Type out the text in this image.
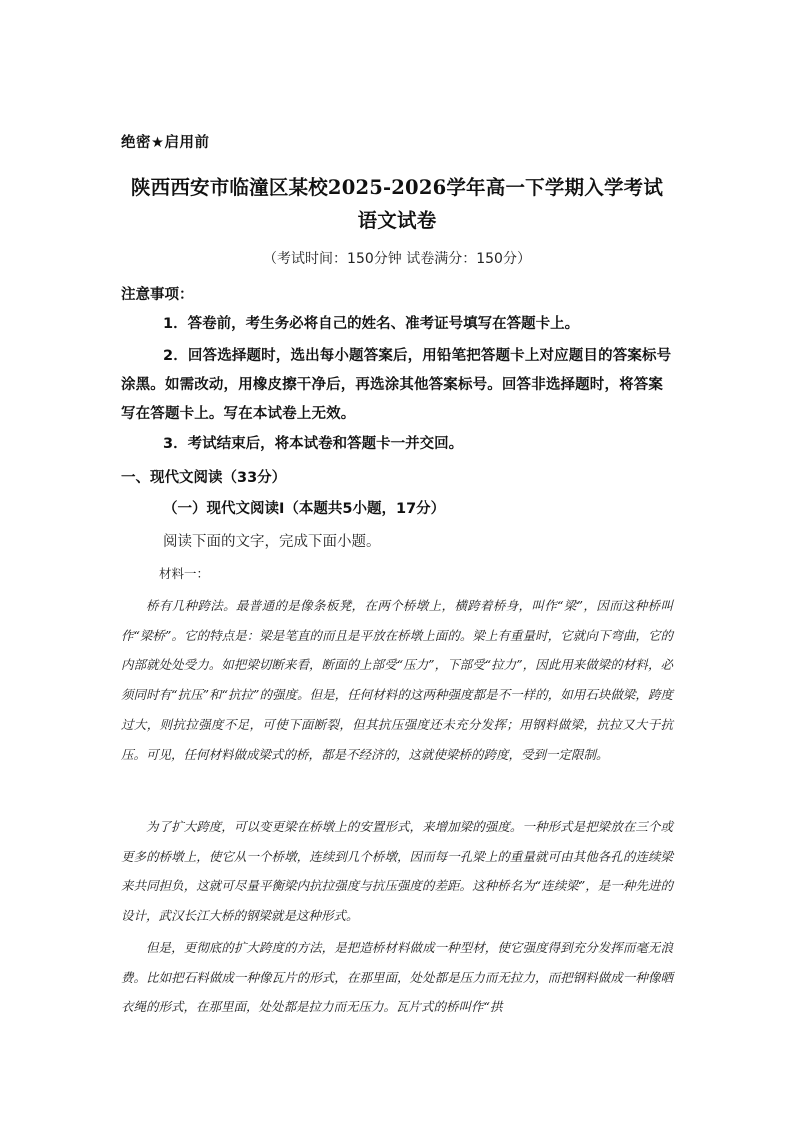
绝密★启用前
陕西西安市临潼区某校2025-2026学年高一下学期入学考试
语文试卷
（考试时间：150分钟 试卷满分：150分）
注意事项：
1．答卷前，考生务必将自己的姓名、准考证号填写在答题卡上。
2．回答选择题时，选出每小题答案后，用铅笔把答题卡上对应题目的答案标号涂黑。如需改动，用橡皮擦干净后，再选涂其他答案标号。回答非选择题时，将答案写在答题卡上。写在本试卷上无效。
3．考试结束后，将本试卷和答题卡一并交回。
一、现代文阅读（33分）
（一）现代文阅读Ⅰ（本题共5小题，17分）
阅读下面的文字，完成下面小题。
材料一：
桥有几种跨法。最普通的是像条板凳，在两个桥墩上，横跨着桥身，叫作“梁”，因而这种桥叫作“梁桥”。它的特点是：梁是笔直的而且是平放在桥墩上面的。梁上有重量时，它就向下弯曲，它的内部就处处受力。如把梁切断来看，断面的上部受“压力”，下部受“拉力”，因此用来做梁的材料，必须同时有“抗压”和“抗拉”的强度。但是，任何材料的这两种强度都是不一样的，如用石块做梁，跨度过大，则抗拉强度不足，可使下面断裂，但其抗压强度还未充分发挥；用钢料做梁，抗拉又大于抗压。可见，任何材料做成梁式的桥，都是不经济的，这就使梁桥的跨度，受到一定限制。
为了扩大跨度，可以变更梁在桥墩上的安置形式，来增加梁的强度。一种形式是把梁放在三个或更多的桥墩上，使它从一个桥墩，连续到几个桥墩，因而每一孔梁上的重量就可由其他各孔的连续梁来共同担负，这就可尽量平衡梁内抗拉强度与抗压强度的差距。这种桥名为“连续梁”，是一种先进的设计，武汉长江大桥的钢梁就是这种形式。
但是，更彻底的扩大跨度的方法，是把造桥材料做成一种型材，使它强度得到充分发挥而毫无浪费。比如把石料做成一种像瓦片的形式，在那里面，处处都是压力而无拉力，而把钢料做成一种像晒衣绳的形式，在那里面，处处都是拉力而无压力。瓦片式的桥叫作“拱
